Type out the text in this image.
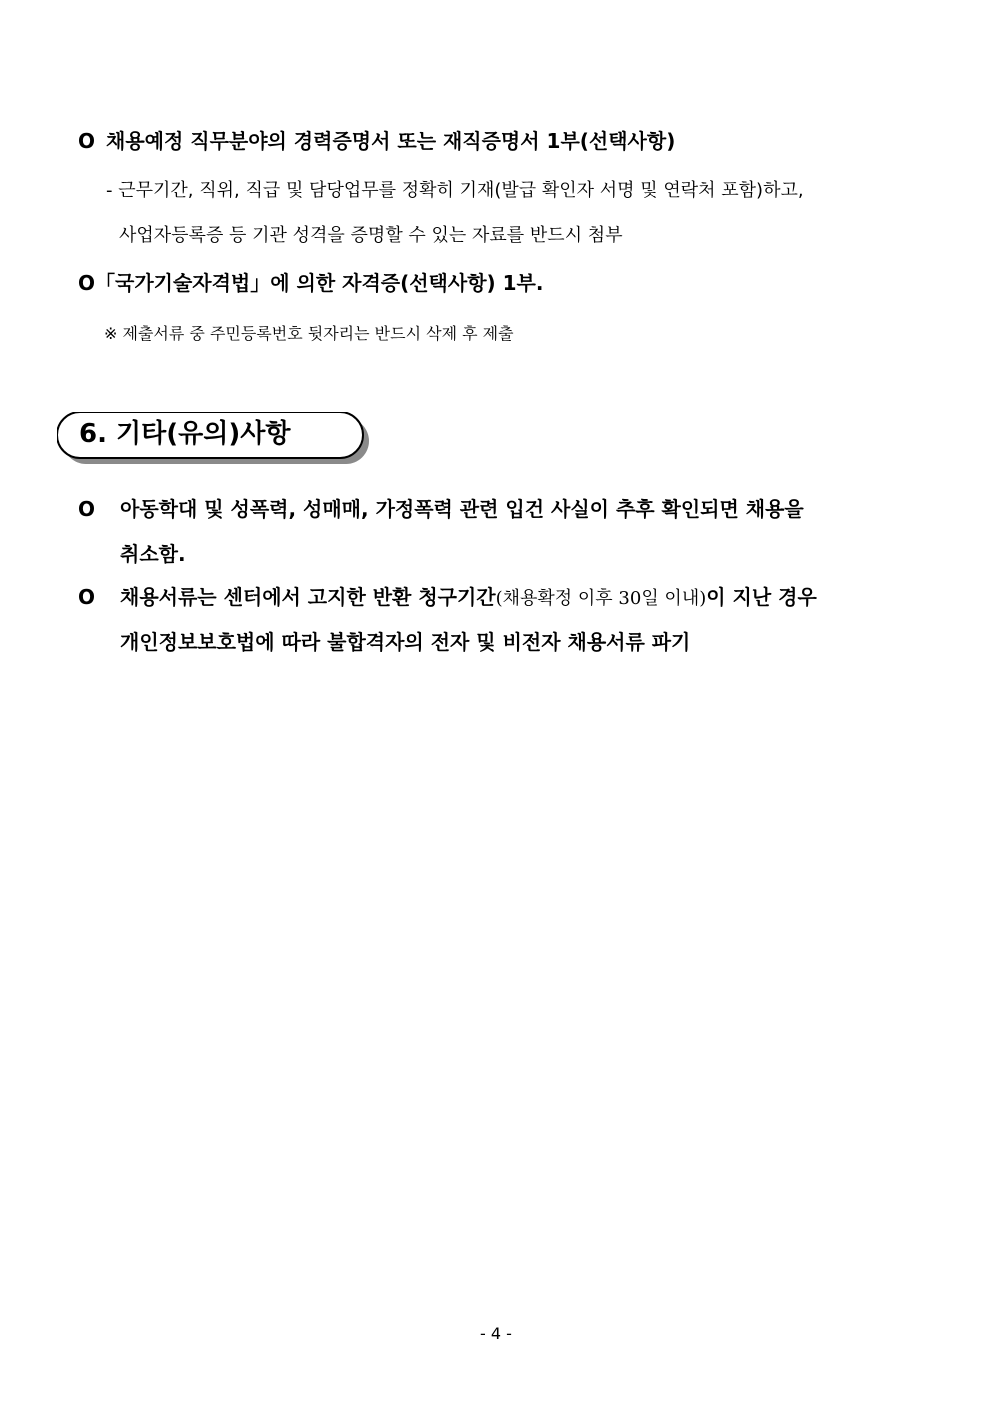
O 채용예정 직무분야의 경력증명서 또는 재직증명서 1부(선택사항)
- 근무기간, 직위, 직급 및 담당업무를 정확히 기재(발급 확인자 서명 및 연락처 포함)하고,
사업자등록증 등 기관 성격을 증명할 수 있는 자료를 반드시 첨부
O「국가기술자격법」에 의한 자격증(선택사항) 1부.
※ 제출서류 중 주민등록번호 뒷자리는 반드시 삭제 후 제출
6. 기타(유의)사항
O 아동학대 및 성폭력, 성매매, 가정폭력 관련 입건 사실이 추후 확인되면 채용을
취소함.
O 채용서류는 센터에서 고지한 반환 청구기간(채용확정 이후 30일 이내)이 지난 경우
개인정보보호법에 따라 불합격자의 전자 및 비전자 채용서류 파기
- 4 -
